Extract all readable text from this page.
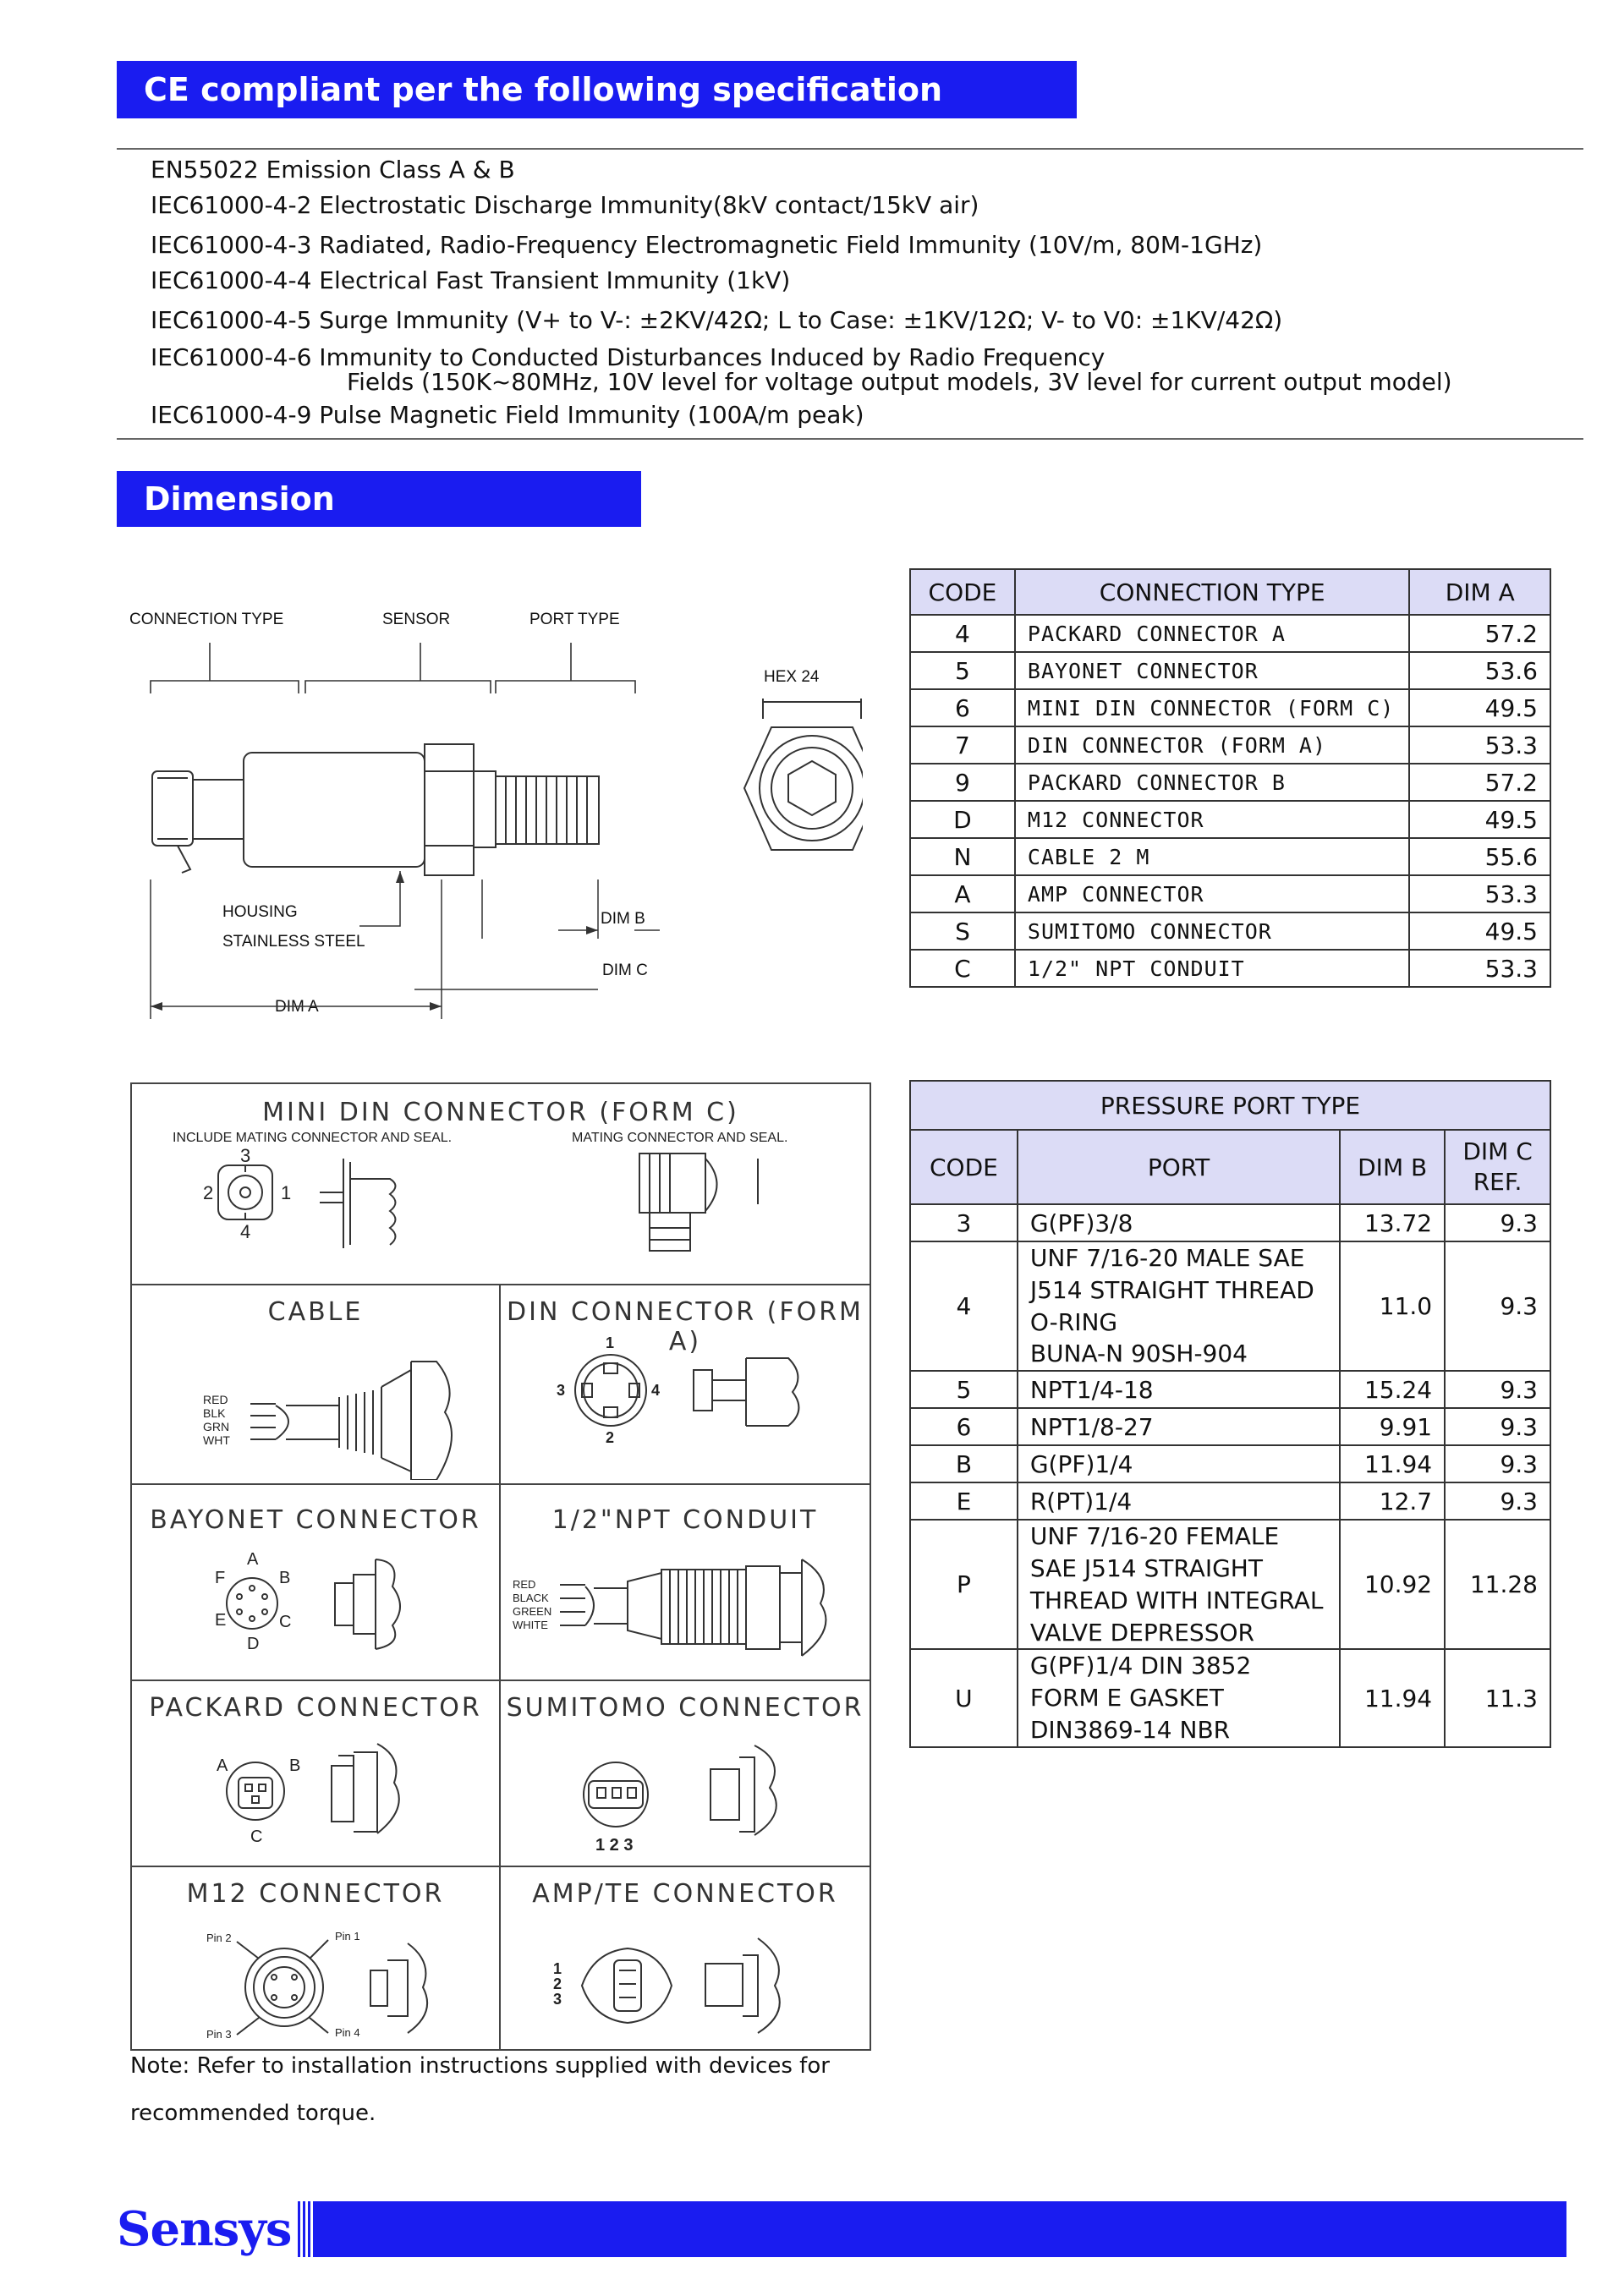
CE compliant per the following specification
EN55022 Emission Class A & B
IEC61000-4-2 Electrostatic Discharge Immunity(8kV contact/15kV air)
IEC61000-4-3 Radiated, Radio-Frequency Electromagnetic Field Immunity (10V/m, 80M-1GHz)
IEC61000-4-4 Electrical Fast Transient Immunity (1kV)
IEC61000-4-5 Surge Immunity (V+ to V-: ±2KV/42Ω; L to Case: ±1KV/12Ω; V- to V0: ±1KV/42Ω)
IEC61000-4-6 Immunity to Conducted Disturbances Induced by Radio Frequency
Fields (150K~80MHz, 10V level for voltage output models, 3V level for current output model)
IEC61000-4-9 Pulse Magnetic Field Immunity (100A/m peak)
Dimension
CONNECTION TYPE	SENSOR	PORT TYPE
HEX 24
HOUSING
STAINLESS STEEL
DIM B
DIM C
DIM A
CODE	CONNECTION TYPE	DIM A
4	PACKARD CONNECTOR A	57.2
5	BAYONET CONNECTOR	53.6
6	MINI DIN CONNECTOR (FORM C)	49.5
7	DIN CONNECTOR (FORM A)	53.3
9	PACKARD CONNECTOR B	57.2
D	M12 CONNECTOR	49.5
N	CABLE 2 M	55.6
A	AMP CONNECTOR	53.3
S	SUMITOMO CONNECTOR	49.5
C	1/2" NPT CONDUIT	53.3
PRESSURE PORT TYPE			
CODE	PORT	DIM B	DIM C
REF.

3	G(PF)3/8	13.72	9.3
4	UNF 7/16-20 MALE SAE
J514 STRAIGHT THREAD
O-RING
BUNA-N 90SH-904	11.0	9.3
5	NPT1/4-18	15.24	9.3
6	NPT1/8-27	9.91	9.3
B	G(PF)1/4	11.94	9.3
E	R(PT)1/4	12.7	9.3
P	UNF 7/16-20 FEMALE
SAE J514 STRAIGHT
THREAD WITH INTEGRAL
VALVE DEPRESSOR	10.92	11.28
U	G(PF)1/4 DIN 3852
FORM E GASKET
DIN3869-14 NBR	11.94	11.3
MINI DIN CONNECTOR (FORM C)
INCLUDE MATING CONNECTOR AND SEAL.	MATING CONNECTOR AND SEAL.
3
2	1
4
CABLE
RED
BLK
GRN
WHT
DIN CONNECTOR (FORM A)
1
3	4
2
BAYONET CONNECTOR
A
B
C
D
E
F
1/2"NPT CONDUIT
RED
BLACK
GREEN
WHITE
PACKARD CONNECTOR
A	B
C
SUMITOMO CONNECTOR
1 2 3
M12 CONNECTOR
Pin 2	Pin 1
Pin 3	Pin 4
AMP/TE CONNECTOR
1
2
3
Note: Refer to installation instructions supplied with devices for
recommended torque.
Sensys
